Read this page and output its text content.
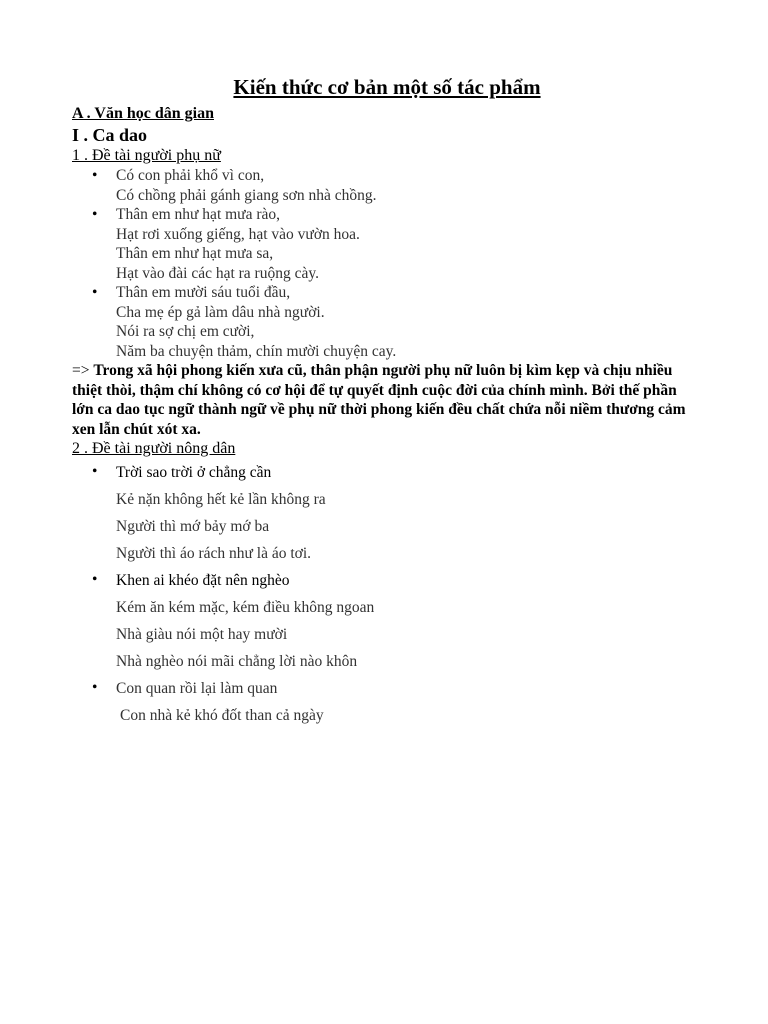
Kiến thức cơ bản một số tác phẩm
A . Văn học dân gian
I . Ca dao
1 . Đề tài người phụ nữ
• Có con phải khổ vì con,
Có chồng phải gánh giang sơn nhà chồng.
• Thân em như hạt mưa rào,
Hạt rơi xuống giếng, hạt vào vườn hoa.
Thân em như hạt mưa sa,
Hạt vào đài các hạt ra ruộng cày.
• Thân em mười sáu tuổi đầu,
Cha mẹ ép gả làm dâu nhà người.
Nói ra sợ chị em cười,
Năm ba chuyện thảm, chín mười chuyện cay.

=> Trong xã hội phong kiến xưa cũ, thân phận người phụ nữ luôn bị kìm kẹp và chịu nhiều thiệt thòi, thậm chí không có cơ hội để tự quyết định cuộc đời của chính mình. Bởi thế phần lớn ca dao tục ngữ thành ngữ về phụ nữ thời phong kiến đều chất chứa nỗi niềm thương cảm xen lẫn chút xót xa.

2 . Đề tài người nông dân
• Trời sao trời ở chẳng cần
Kẻ nặn không hết kẻ lần không ra
Người thì mớ bảy mớ ba
Người thì áo rách như là áo tơi.
• Khen ai khéo đặt nên nghèo
Kém ăn kém mặc, kém điều không ngoan
Nhà giàu nói một hay mười
Nhà nghèo nói mãi chẳng lời nào khôn
• Con quan rồi lại làm quan
Con nhà kẻ khó đốt than cả ngày
